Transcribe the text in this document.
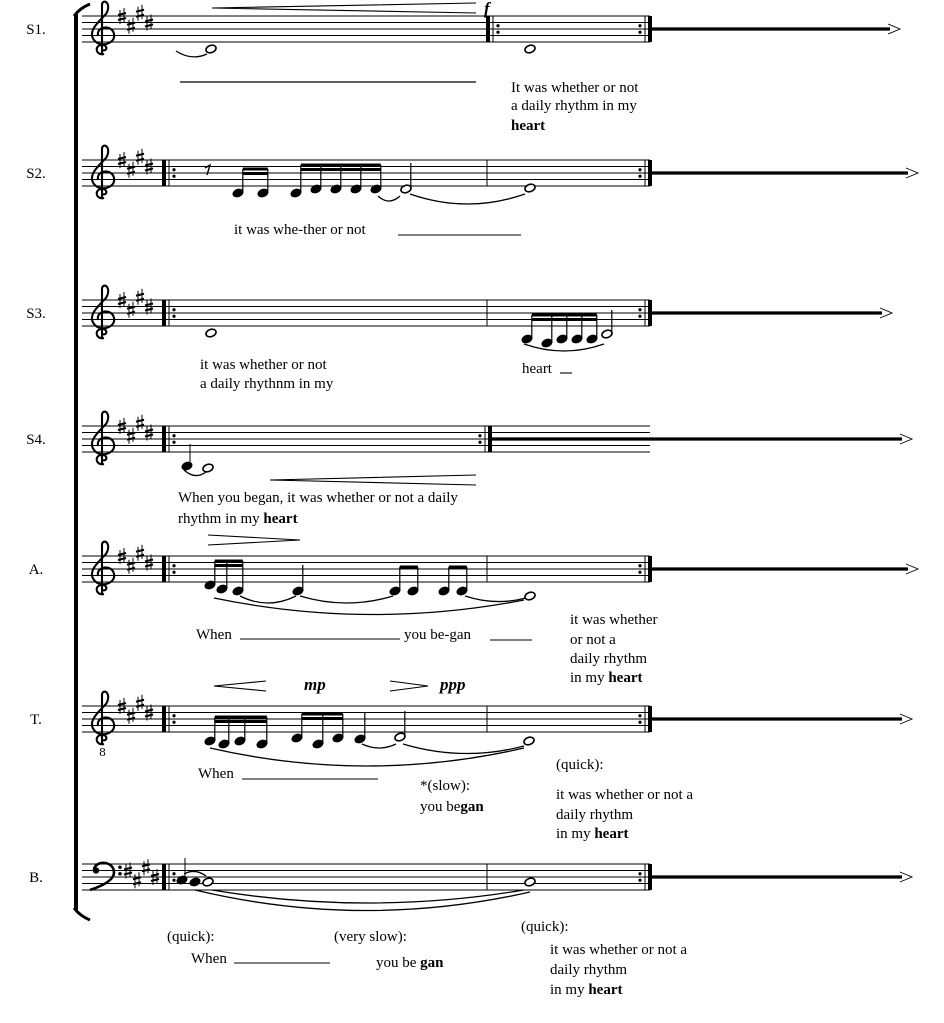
S1.
f
S2.
S3.
S4.
A.
T.
8
mp	ppp
B.
It was whether or not
a daily rhythm in my
heart
it was whe-ther or not
it was whether or not
a daily rhythnm in my
heart
When you began, it was whether or not a daily
rhythm in my heart
When	you be-gan
it was whether
or not a
daily rhythm
in my heart
When
*(slow):
you began
(quick):
it was whether or not a
daily rhythm
in my heart
(quick):
When
(very slow):
you be gan
(quick):
it was whether or not a
daily rhythm
in my heart
